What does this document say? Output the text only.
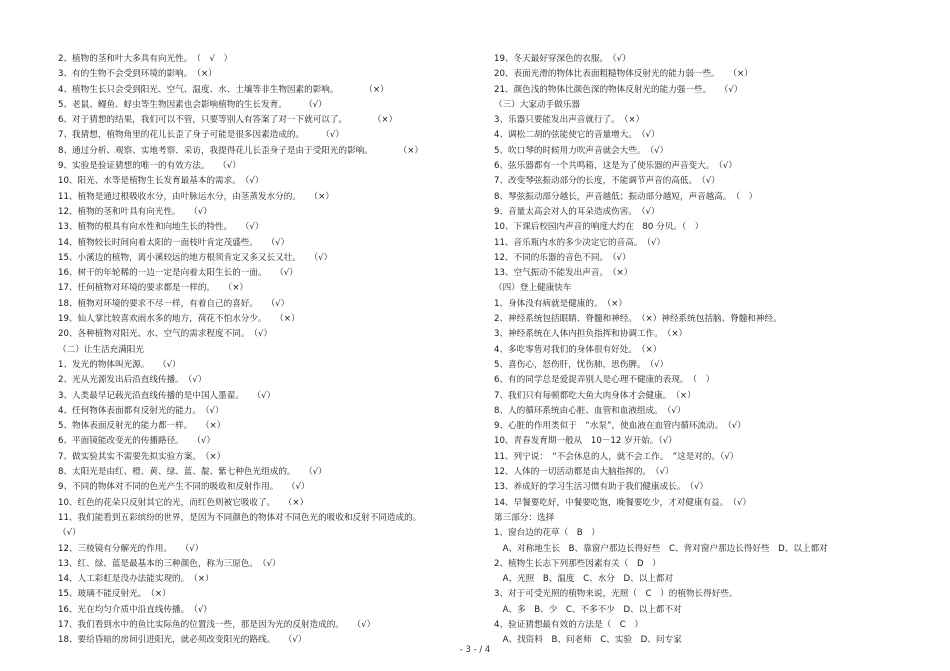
2、植物的茎和叶大多具有向光性。　（　√　）
3、有的生物不会受到环境的影响。　（×）
4、植物生长只会受到阳光、空气、温度、水、土壤等非生物因素的影响。　　　　（×）
5、老鼠、鳗鱼、蜉虫等生物因素也会影响植物的生长发育。　　　（√）
6、对于猜想的结果，我们可以不管，只要等别人有答案了对一下就可以了。　　　　（×）
7、我猜想，植物角里的花儿长歪了身子可能是很多因素造成的。　　　（√）
8、通过分析、观察、实地考察、采访，我提得花儿长歪身子是由于受阳光的影响。　　　　（×）
9、实验是验证猜想的唯一的有效方法。　　（√）
10、阳光、水等是植物生长发育最基本的需求。　（√）
11、植物是通过根吸收水分，由叶脉运水分，由茎蒸发水分的。　　（×）
12、植物的茎和叶具有向光性。　　（√）
13、植物的根具有向水性和向地生长的特性。　　（√）
14、植物较长时间向着太阳的一面枝叶肯定茂盛些。　　（√）
15、小溪边的植物，离小溪较远的地方根须肯定又多又长又壮。　　（√）
16、树干的年轮稀的一边一定是向着太阳生长的一面。　　（√）
17、任何植物对环境的要求都是一样的。　　（×）
18、植物对环境的要求不尽一样，有着自己的喜好。　　（√）
19、仙人掌比较喜欢雨水多的地方，荷花不怕水分少。　　（×）
20、各种植物对阳光、水、空气的需求程度不同。　（√）
（二）让生活充满阳光
1、发光的物体叫光源。　　（√）
2、光从光源发出后沿直线传播。　（√）
3、人类最早记载光沿直线传播的是中国人墨翟。　　（√）
4、任何物体表面都有反射光的能力。　（√）
5、物体表面反射光的能力都一样。　　（×）
6、平面镜能改变光的传播路径。　　（√）
7、做实验其实不需要先拟实验方案。　（×）
8、太阳光是由红、橙、黄、绿、蓝、靛、紫七种色光组成的。　　（√）
9、不同的物体对不同的色光产生不同的吸收和反射作用。　　（√）
10、红色的花朵只反射其它的光，而红色则被它吸收了。　　（×）
11、我们能看到五彩缤纷的世界，是因为不同颜色的物体对不同色光的吸收和反射不同造成的。
（√）
12、三棱镜有分解光的作用。　　（√）
13、红、绿、蓝是最基本的三种颜色，称为三原色。　（√）
14、人工彩虹是没办法能实现的。　（×）
15、玻璃不能反射光。　（×）
16、光在均匀介质中沿直线传播。　（√）
17、我们看到水中的鱼比实际鱼的位置浅一些，那是因为光的反射造成的。　　（√）
18、要给昏暗的房间引进阳光，就必须改变阳光的路线。　　（√）
19、冬天最好穿深色的衣服。　（√）
20、表面光滑的物体比表面粗糙物体反射光的能力弱一些。　　（×）
21、颜色浅的物体比颜色深的物体反射光的能力强一些。　　（√）
（三）大家动手做乐器
3、乐器只要能发出声音就行了。　（×）
4、调松二胡的弦能使它的音量增大。　（√）
5、吹口琴的时候用力吹声音就会大些。　（√）
6、弦乐器都有一个共鸣箱，这是为了使乐器的声音变大。　（√）
7、改变琴弦振动部分的长度，不能调节声音的高低。　（√）
8、琴弦振动部分越长，声音越低；振动部分越短，声音越高。　（　）
9、音量太高会对人的耳朵造成伤害。　（√）
10、下课后校园内声音的响度大约在　80 分贝。（　）
11、音乐瓶内水的多少决定它的音高。　（√）
12、不同的乐器的音色不同。　（√）
13、空气振动不能发出声音。　（×）
（四）登上健康快车
1、身体没有病就是健康的。　（×）
2、神经系统包括眼睛、脊髓和神经。　（×）神经系统包括脑、脊髓和神经。
3、神经系统在人体内担负指挥和协调工作。　（×）
4、多吃零售对我们的身体很有好处。　（×）
5、喜伤心，怒伤肝，忧伤肺，思伤脾。　（√）
6、有的同学总是爱捉弄别人是心理不健康的表现。　（　）
7、我们只有每顿都吃大鱼大肉身体才会健康。　（×）
8、人的循环系统由心脏、血管和血液组成。　（√）
9、心脏的作用类似于　“水泵”，使血液在血管内循环流动。　（√）
10、青春发育期一般从　10－12 岁开始。（√）
11、列宁说：　“不会休息的人，就不会工作。　”这是对的。（√）
12、人体的一切活动都是由大脑指挥的。　（√）
13、养成好的学习生活习惯有助于我们健康成长。　（√）
14、早餐要吃好，中餐要吃饱，晚餐要吃少，才对健康有益。　（√）
第三部分：选择
1、窗台边的花草（　B　）
　A、对称地生长　B、靠窗户那边长得好些　C、背对窗户那边长得好些　D、以上都对
2、植物生长志下列那些因素有关（　D　）
　A、光照　B、温度　C、水分　D、以上都对
3、对于可受光照的植物来说，光照（　C　）的植物长得好些。
　A、多　B、少　C、不多不少　D、以上都不对
4、验证猜想最有效的方法是（　C　）
　A、找资料　B、问老师　C、实验　D、问专家
- 3 - / 4
